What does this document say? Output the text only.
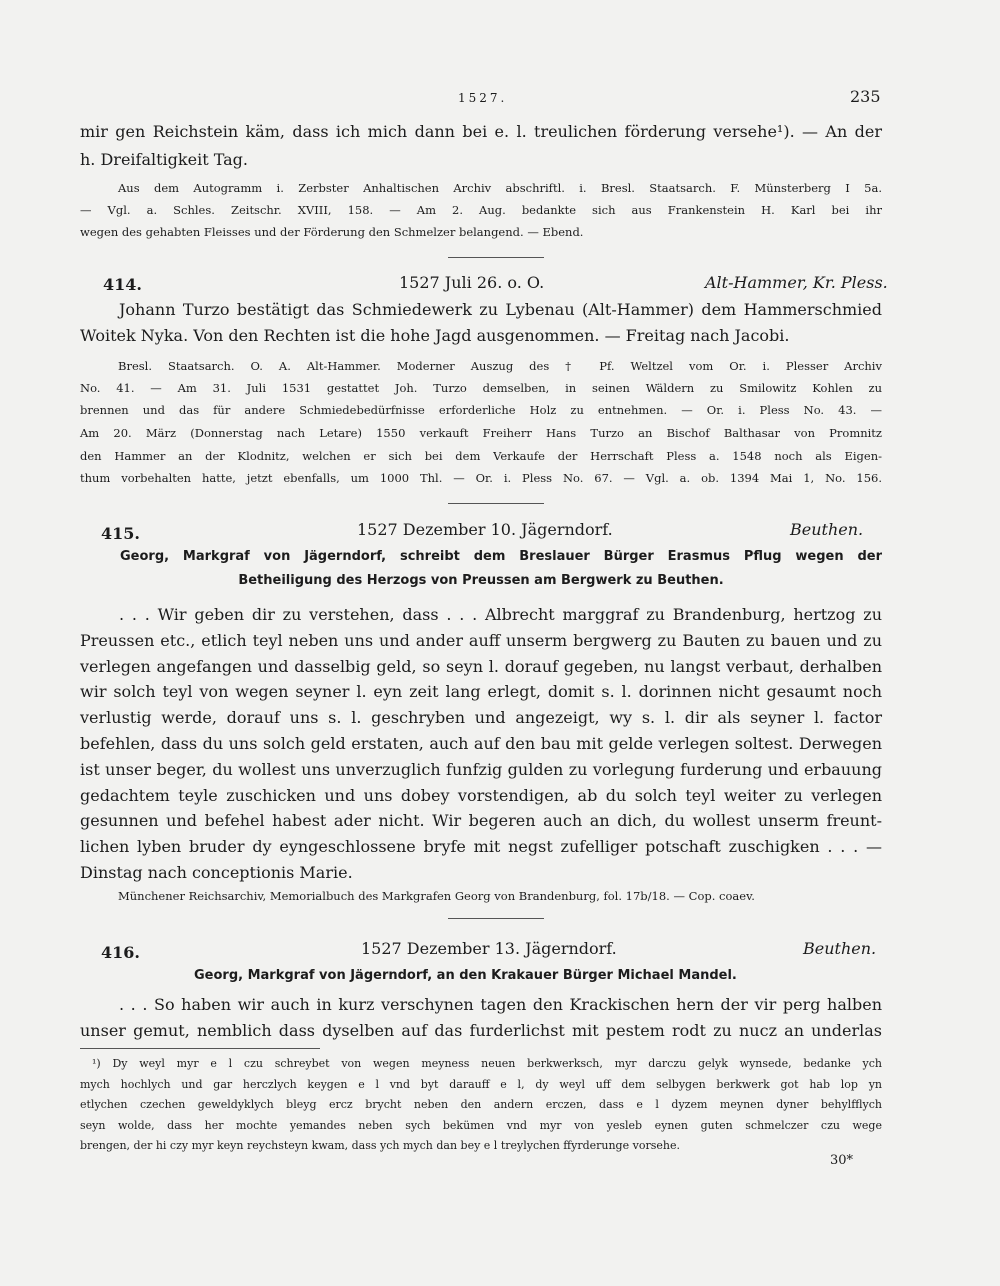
1527.	235
mir gen Reichstein käm, dass ich mich dann bei e. l. treulichen förderung versehe¹). — An der
h. Dreifaltigkeit Tag.
Aus dem Autogramm i. Zerbster Anhaltischen Archiv abschriftl. i. Bresl. Staatsarch. F. Münsterberg I 5a.
— Vgl. a. Schles. Zeitschr. XVIII, 158. — Am 2. Aug. bedankte sich aus Frankenstein H. Karl bei ihr
wegen des gehabten Fleisses und der Förderung den Schmelzer belangend. — Ebend.
414.	1527 Juli 26. o. O.	Alt-Hammer, Kr. Pless.
Johann Turzo bestätigt das Schmiedewerk zu Lybenau (Alt-Hammer) dem Hammerschmied
Woitek Nyka. Von den Rechten ist die hohe Jagd ausgenommen. — Freitag nach Jacobi.
Bresl. Staatsarch. O. A. Alt-Hammer. Moderner Auszug des † Pf. Weltzel vom Or. i. Plesser Archiv
No. 41. — Am 31. Juli 1531 gestattet Joh. Turzo demselben, in seinen Wäldern zu Smilowitz Kohlen zu
brennen und das für andere Schmiedebedürfnisse erforderliche Holz zu entnehmen. — Or. i. Pless No. 43. —
Am 20. März (Donnerstag nach Letare) 1550 verkauft Freiherr Hans Turzo an Bischof Balthasar von Promnitz
den Hammer an der Klodnitz, welchen er sich bei dem Verkaufe der Herrschaft Pless a. 1548 noch als Eigen-
thum vorbehalten hatte, jetzt ebenfalls, um 1000 Thl. — Or. i. Pless No. 67. — Vgl. a. ob. 1394 Mai 1, No. 156.
415.	1527 Dezember 10. Jägerndorf.	Beuthen.
Georg, Markgraf von Jägerndorf, schreibt dem Breslauer Bürger Erasmus Pflug wegen der
Betheiligung des Herzogs von Preussen am Bergwerk zu Beuthen.
. . . Wir geben dir zu verstehen, dass . . . Albrecht marggraf zu Brandenburg, hertzog zu
Preussen etc., etlich teyl neben uns und ander auff unserm bergwerg zu Bauten zu bauen und zu
verlegen angefangen und dasselbig geld, so seyn l. dorauf gegeben, nu langst verbaut, derhalben
wir solch teyl von wegen seyner l. eyn zeit lang erlegt, domit s. l. dorinnen nicht gesaumt noch
verlustig werde, dorauf uns s. l. geschryben und angezeigt, wy s. l. dir als seyner l. factor
befehlen, dass du uns solch geld erstaten, auch auf den bau mit gelde verlegen soltest. Derwegen
ist unser beger, du wollest uns unverzuglich funfzig gulden zu vorlegung furderung und erbauung
gedachtem teyle zuschicken und uns dobey vorstendigen, ab du solch teyl weiter zu verlegen
gesunnen und befehel habest ader nicht. Wir begeren auch an dich, du wollest unserm freunt-
lichen lyben bruder dy eyngeschlossene bryfe mit negst zufelliger potschaft zuschigken . . . —
Dinstag nach conceptionis Marie.
Münchener Reichsarchiv, Memorialbuch des Markgrafen Georg von Brandenburg, fol. 17b/18. — Cop. coaev.
416.	1527 Dezember 13. Jägerndorf.	Beuthen.
Georg, Markgraf von Jägerndorf, an den Krakauer Bürger Michael Mandel.
. . . So haben wir auch in kurz verschynen tagen den Krackischen hern der vir perg halben
unser gemut, nemblich dass dyselben auf das furderlichst mit pestem rodt zu nucz an underlas
¹) Dy weyl myr e l czu schreybet von wegen meyness neuen berkwerksch, myr darczu gelyk wynsede, bedanke ych
mych hochlych und gar herczlych keygen e l vnd byt darauff e l, dy weyl uff dem selbygen berkwerk got hab lop yn
etlychen czechen geweldyklych bleyg ercz brycht neben den andern erczen, dass e l dyzem meynen dyner behylfflych
seyn wolde, dass her mochte yemandes neben sych bekümen vnd myr von yesleb eynen guten schmelczer czu wege
brengen, der hi czy myr keyn reychsteyn kwam, dass ych mych dan bey e l treylychen ffyrderunge vorsehe.
30*
